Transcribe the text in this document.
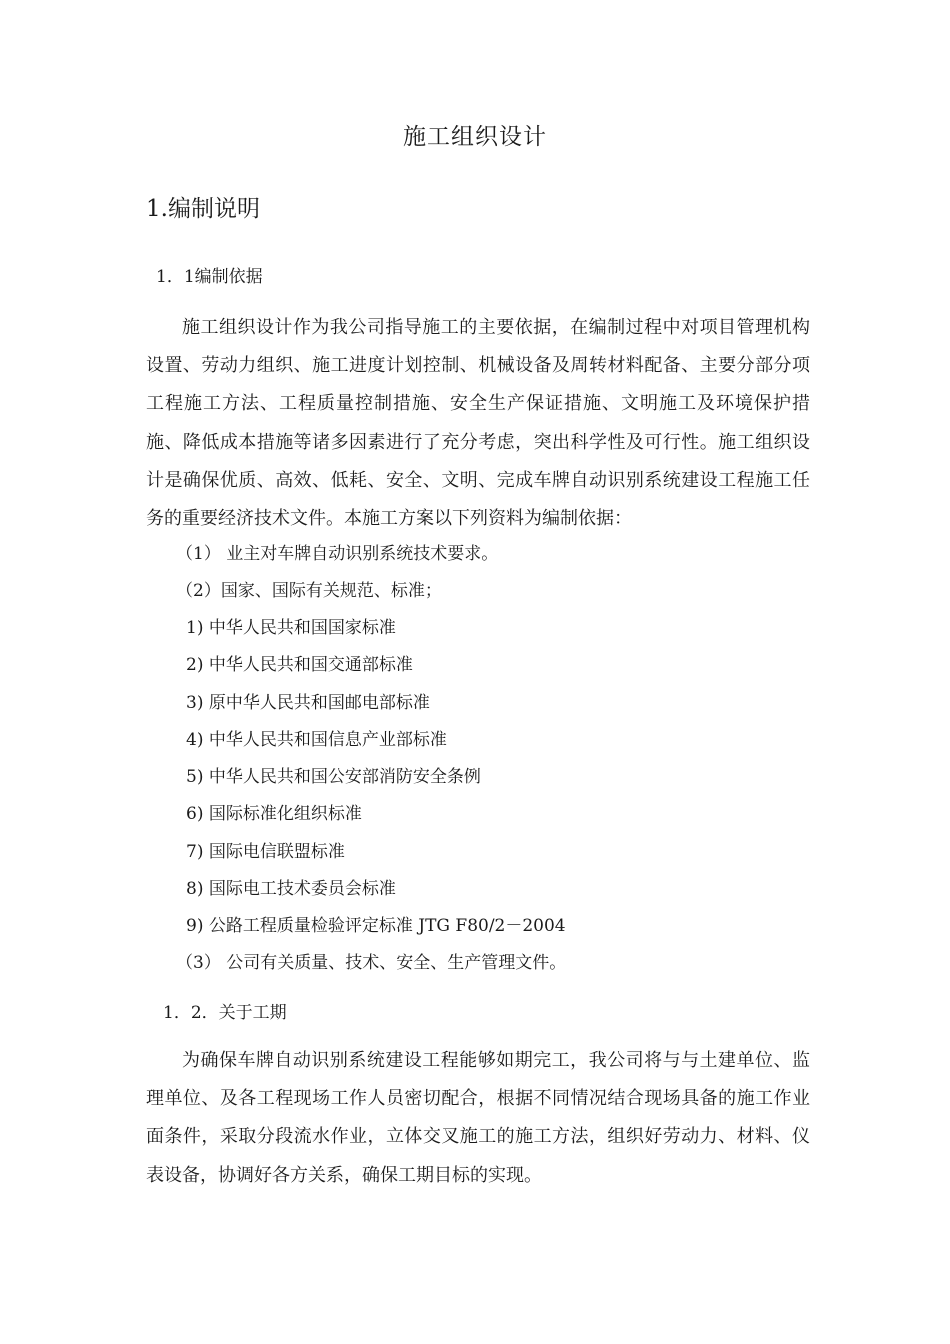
施工组织设计
1.编制说明
1．1编制依据
施工组织设计作为我公司指导施工的主要依据，在编制过程中对项目管理机构设置、劳动力组织、施工进度计划控制、机械设备及周转材料配备、主要分部分项工程施工方法、工程质量控制措施、安全生产保证措施、文明施工及环境保护措施、降低成本措施等诸多因素进行了充分考虑，突出科学性及可行性。施工组织设计是确保优质、高效、低耗、安全、文明、完成车牌自动识别系统建设工程施工任务的重要经济技术文件。本施工方案以下列资料为编制依据：
（1） 业主对车牌自动识别系统技术要求。
（2）国家、国际有关规范、标准；
1) 中华人民共和国国家标准
2) 中华人民共和国交通部标准
3) 原中华人民共和国邮电部标准
4) 中华人民共和国信息产业部标准
5) 中华人民共和国公安部消防安全条例
6) 国际标准化组织标准
7) 国际电信联盟标准
8) 国际电工技术委员会标准
9) 公路工程质量检验评定标准 JTG F80/2－2004
（3） 公司有关质量、技术、安全、生产管理文件。
1．2．关于工期
为确保车牌自动识别系统建设工程能够如期完工，我公司将与与土建单位、监理单位、及各工程现场工作人员密切配合，根据不同情况结合现场具备的施工作业面条件，采取分段流水作业，立体交叉施工的施工方法，组织好劳动力、材料、仪表设备，协调好各方关系，确保工期目标的实现。
